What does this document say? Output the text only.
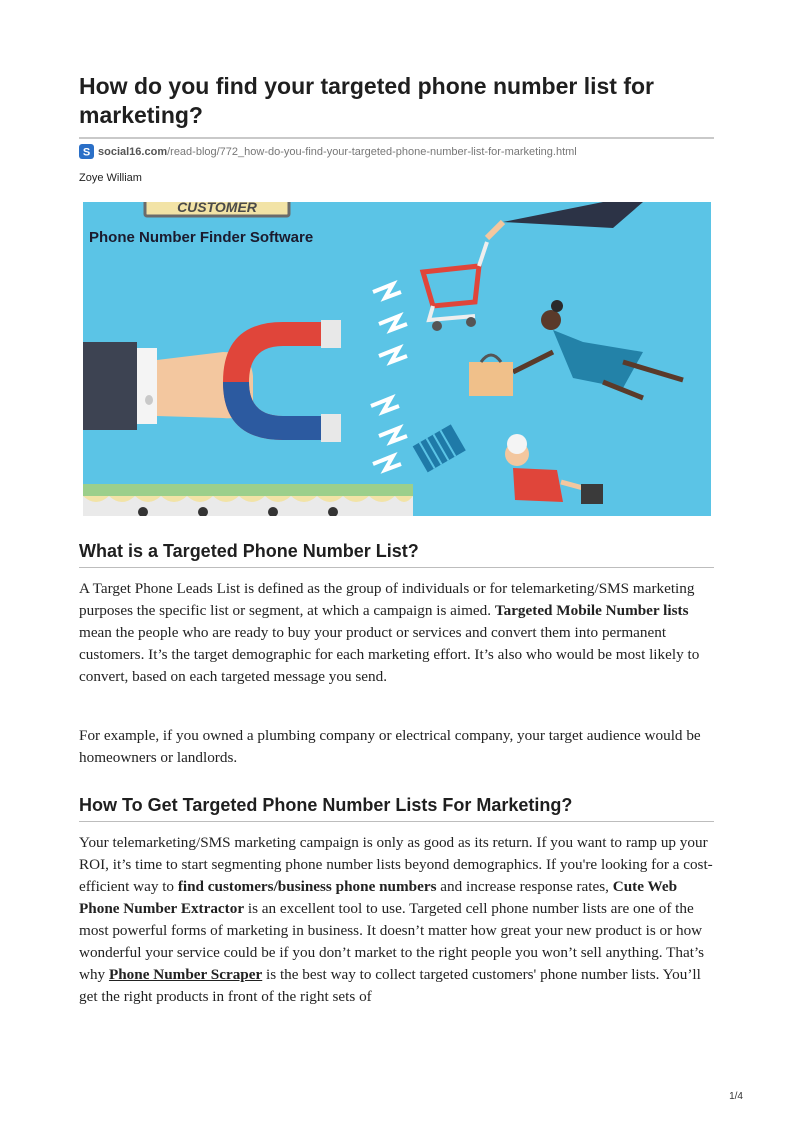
How do you find your targeted phone number list for marketing?
S social16.com /read-blog/772_how-do-you-find-your-targeted-phone-number-list-for-marketing.html
Zoye William
CUSTOMER
Phone Number Finder Software
What is a Targeted Phone Number List?

A Target Phone Leads List is defined as the group of individuals or for telemarketing/SMS marketing purposes the specific list or segment, at which a campaign is aimed. Targeted Mobile Number lists mean the people who are ready to buy your product or services and convert them into permanent customers. It’s the target demographic for each marketing effort. It’s also who would be most likely to convert, based on each targeted message you send.

For example, if you owned a plumbing company or electrical company, your target audience would be homeowners or landlords.

How To Get Targeted Phone Number Lists For Marketing?

Your telemarketing/SMS marketing campaign is only as good as its return. If you want to ramp up your ROI, it’s time to start segmenting phone number lists beyond demographics. If you're looking for a cost-efficient way to find customers/business phone numbers and increase response rates, Cute Web Phone Number Extractor is an excellent tool to use. Targeted cell phone number lists are one of the most powerful forms of marketing in business. It doesn’t matter how great your new product is or how wonderful your service could be if you don’t market to the right people you won’t sell anything. That’s why Phone Number Scraper is the best way to collect targeted customers' phone number lists. You’ll get the right products in front of the right sets of

1/4
